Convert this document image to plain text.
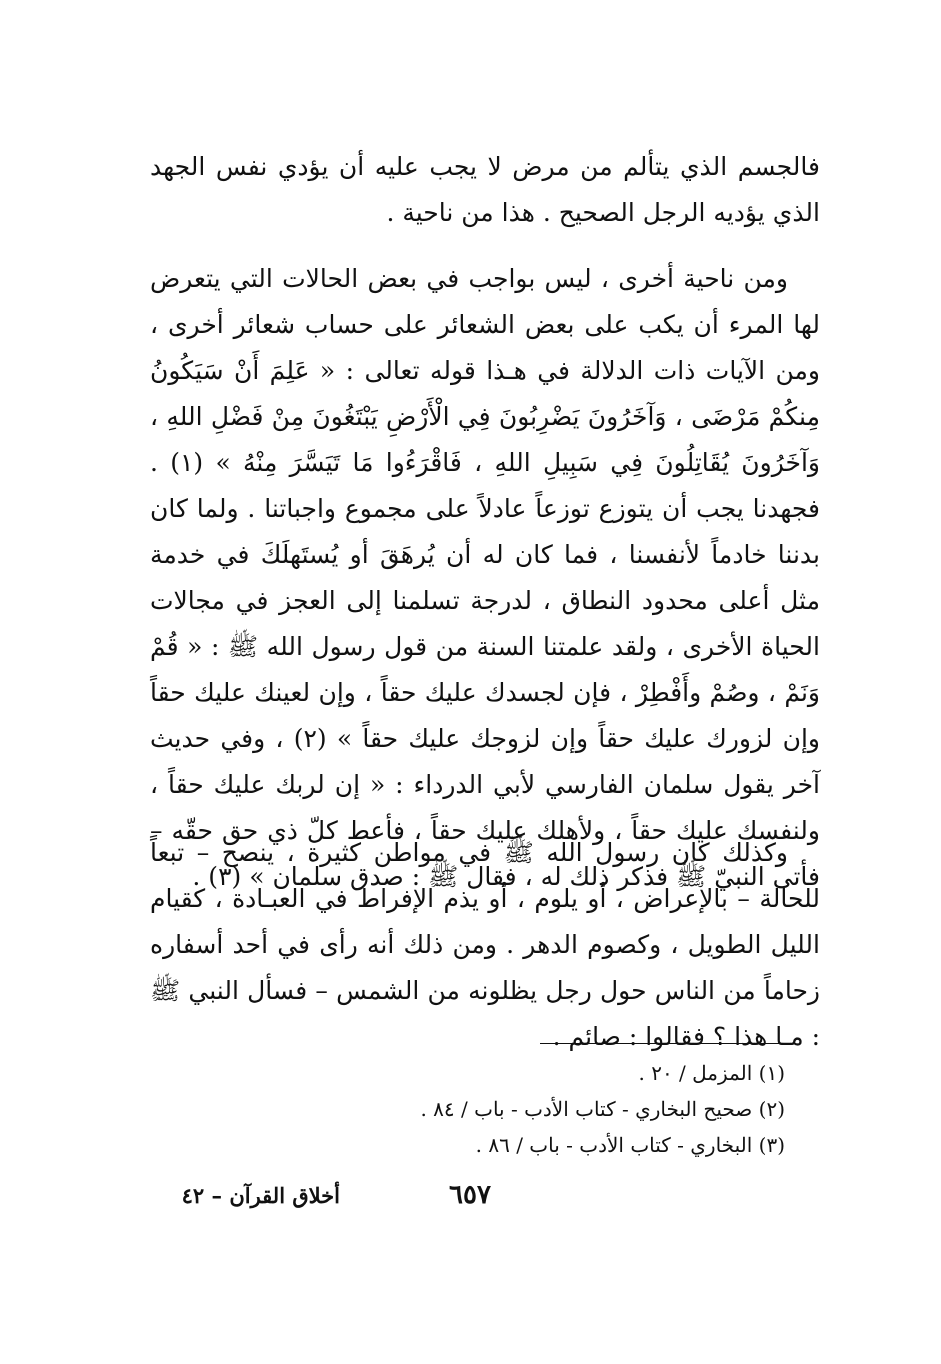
فالجسم الذي يتألم من مرض لا يجب عليه أن يؤدي نفس الجهد الذي يؤديه الرجل الصحيح . هذا من ناحية .

ومن ناحية أخرى ، ليس بواجب في بعض الحالات التي يتعرض لها المرء أن يكب على بعض الشعائر على حساب شعائر أخرى ، ومن الآيات ذات الدلالة في هـذا قوله تعالى : « عَلِمَ أَنْ سَيَكُونُ مِنكُمْ مَرْضَى ، وَآخَرُونَ يَضْرِبُونَ فِي الْأَرْضِ يَبْتَغُونَ مِنْ فَضْلِ اللهِ ، وَآخَرُونَ يُقَاتِلُونَ فِي سَبِيلِ اللهِ ، فَاقْرَءُوا مَا تَيَسَّرَ مِنْهُ » (١) . فجهدنا يجب أن يتوزع توزعاً عادلاً على مجموع واجباتنا . ولما كان بدننا خادماً لأنفسنا ، فما كان له أن يُرهَقَ أو يُستَهلَكَ في خدمة مثل أعلى محدود النطاق ، لدرجة تسلمنا إلى العجز في مجالات الحياة الأخرى ، ولقد علمتنا السنة من قول رسول الله ﷺ : « قُمْ وَنَمْ ، وصُمْ وأَفْطِرْ ، فإن لجسدك عليك حقاً ، وإن لعينك عليك حقاً وإن لزورك عليك حقاً وإن لزوجك عليك حقاً » (٢) ، وفي حديث آخر يقول سلمان الفارسي لأبي الدرداء : « إن لربك عليك حقاً ، ولنفسك عليك حقاً ، ولأهلك عليك حقاً ، فأعط كلّ ذي حق حقّه – فأتى النبيّ ﷺ فذكر ذلك له ، فقال ﷺ : صدق سلمان » (٣) .

وكذلك كان رسول الله ﷺ في مواطن كثيرة ، ينصح – تبعاً للحالة – بالإعراض ، أو يلوم ، أو يذم الإفراط في العبـادة ، كقيام الليل الطويل ، وكصوم الدهر . ومن ذلك أنه رأى في أحد أسفاره زحاماً من الناس حول رجل يظلونه من الشمس – فسأل النبي ﷺ : مـا هذا ؟ فقالوا : صائم .

(١) المزمل / ٢٠ .
(٢) صحيح البخاري - كتاب الأدب - باب / ٨٤ .
(٣) البخاري - كتاب الأدب - باب / ٨٦ .
٦٥٧
أخلاق القرآن – ٤٢
